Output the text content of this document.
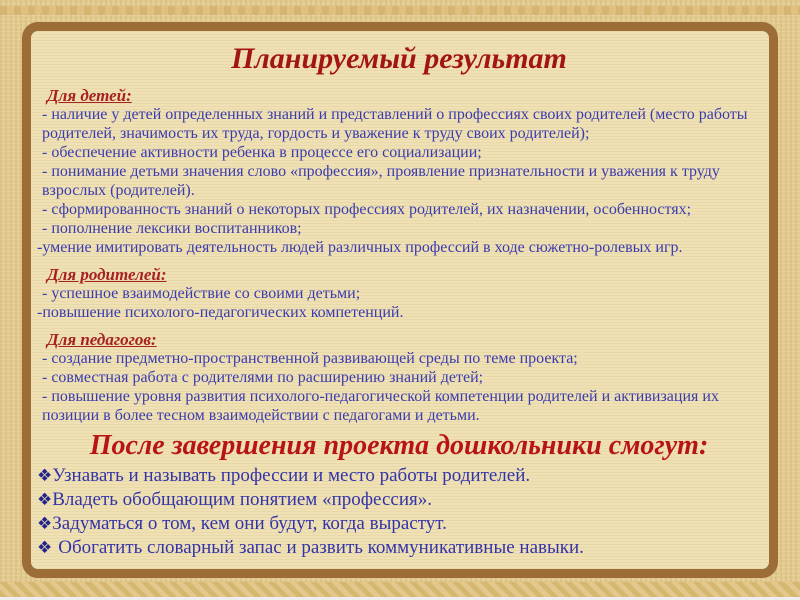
Планируемый результат
Для детей:

- наличие у детей определенных знаний и представлений о профессиях своих родителей (место работы родителей, значимость их труда, гордость и уважение к труду своих родителей);

- обеспечение активности ребенка в процессе его социализации;

- понимание детьми значения слово «профессия», проявление признательности и уважения к труду взрослых (родителей).

- сформированность знаний о некоторых профессиях родителей, их назначении, особенностях;

- пополнение лексики воспитанников;

-умение имитировать деятельность людей различных профессий в ходе сюжетно-ролевых игр.

Для родителей:

- успешное взаимодействие со своими детьми;

-повышение психолого-педагогических компетенций.

Для педагогов:

- создание предметно-пространственной развивающей среды по теме проекта;

- совместная работа с родителями по расширению знаний детей;

- повышение уровня развития психолого-педагогической компетенции родителей и активизация их позиции в более тесном взаимодействии с педагогами и детьми.

После завершения проекта дошкольники смогут:

❖Узнавать и называть профессии и место работы родителей.

❖Владеть обобщающим понятием «профессия».

❖Задуматься о том, кем они будут, когда вырастут.

❖ Обогатить словарный запас и развить коммуникативные навыки.
